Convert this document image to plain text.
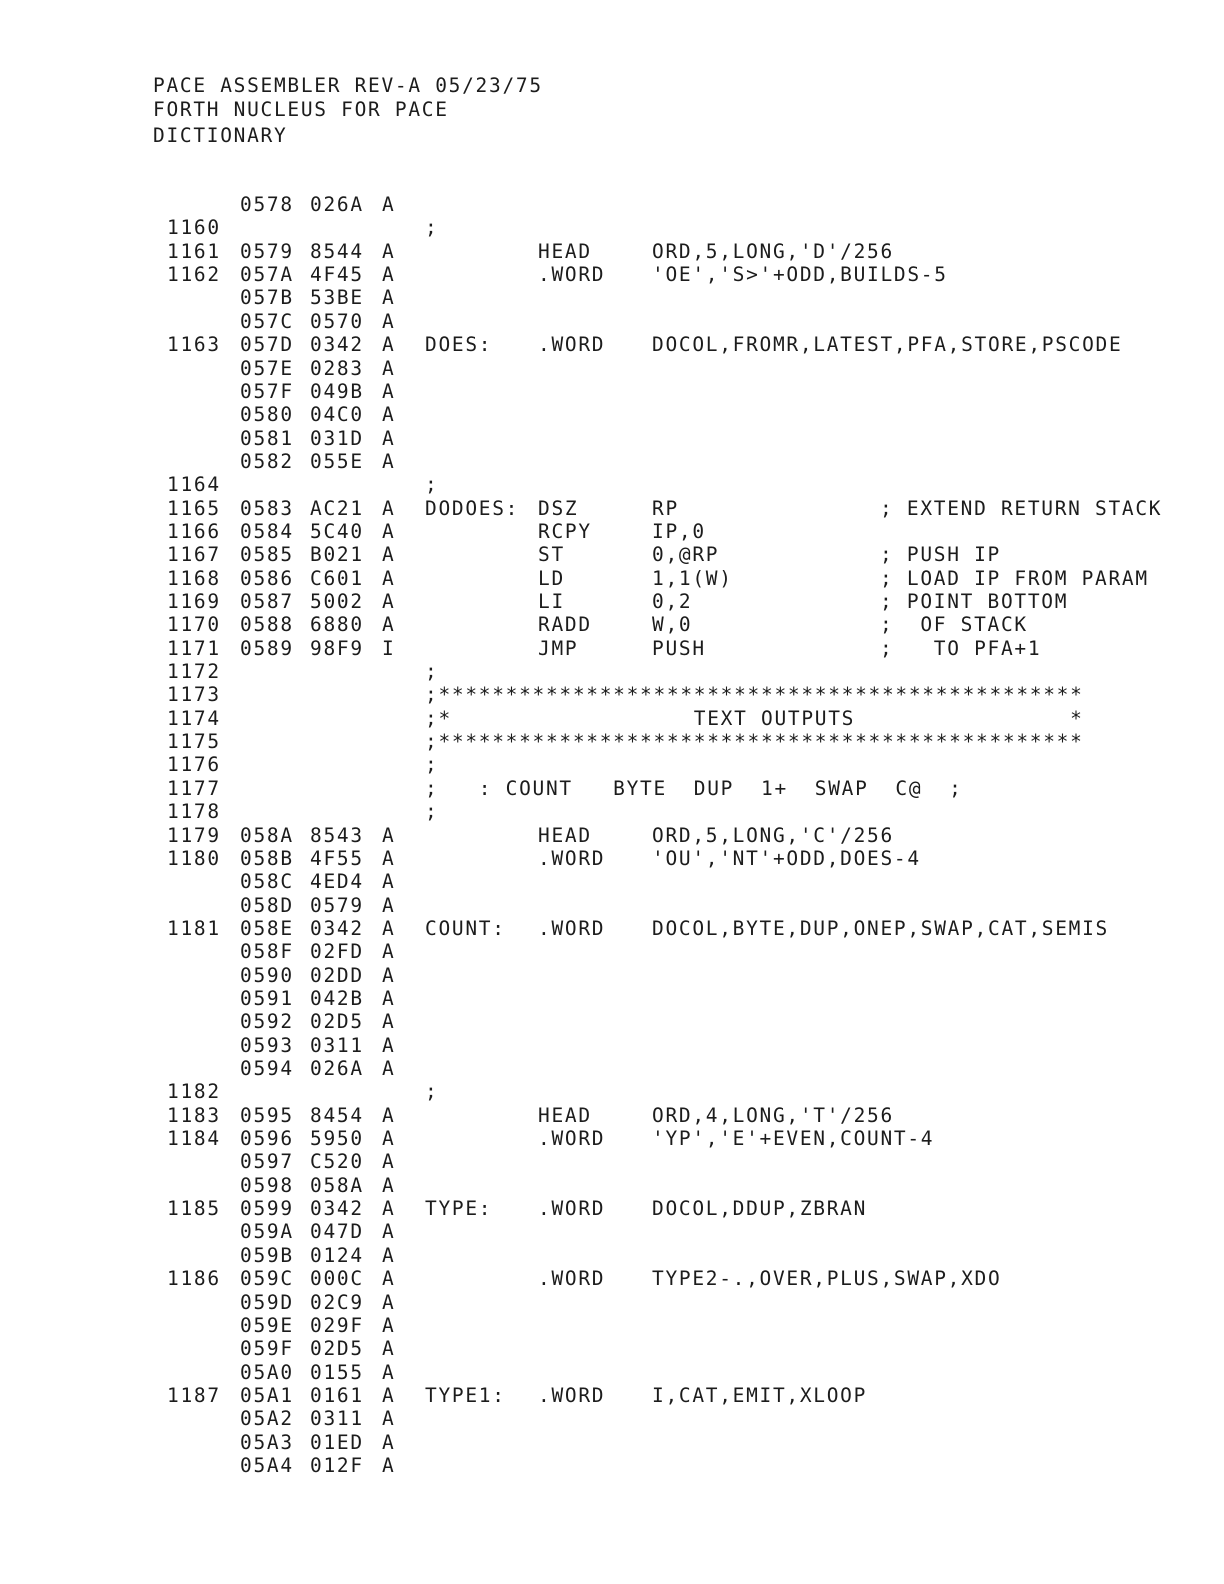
PACE ASSEMBLER REV-A 05/23/75
FORTH NUCLEUS FOR PACE
DICTIONARY
0578 026A A
1160	;
1161 0579 8544 A	HEAD	ORD,5,LONG,'D'/256
1162 057A 4F45 A	.WORD 'OE','S>'+ODD,BUILDS-5
057B 53BE A
057C 0570 A
1163 057D 0342 A DOES: .WORD DOCOL,FROMR,LATEST,PFA,STORE,PSCODE
057E 0283 A
057F 049B A
0580 04C0 A
0581 031D A
0582 055E A
1164	;
1165 0583 AC21 A DODOES: DSZ	RP	; EXTEND RETURN STACK
1166 0584 5C40 A	RCPY	IP,0
1167 0585 B021 A	ST	0,@RP	; PUSH IP
1168 0586 C601 A	LD	1,1(W)	; LOAD IP FROM PARAM
1169 0587 5002 A	LI	0,2	; POINT BOTTOM
1170 0588 6880 A	RADD	W,0	;  OF STACK
1171 0589 98F9 I	JMP	PUSH	;   TO PFA+1
1172	;
1173	;************************************************
1174	;*                  TEXT OUTPUTS                *
1175	;************************************************
1176	;
1177	;   : COUNT   BYTE  DUP  1+  SWAP  C@  ;
1178	;
1179 058A 8543 A	HEAD	ORD,5,LONG,'C'/256
1180 058B 4F55 A	.WORD 'OU','NT'+ODD,DOES-4
058C 4ED4 A
058D 0579 A
1181 058E 0342 A COUNT: .WORD DOCOL,BYTE,DUP,ONEP,SWAP,CAT,SEMIS
058F 02FD A
0590 02DD A
0591 042B A
0592 02D5 A
0593 0311 A
0594 026A A
1182	;
1183 0595 8454 A	HEAD	ORD,4,LONG,'T'/256
1184 0596 5950 A	.WORD 'YP','E'+EVEN,COUNT-4
0597 C520 A
0598 058A A
1185 0599 0342 A TYPE: .WORD DOCOL,DDUP,ZBRAN
059A 047D A
059B 0124 A
1186 059C 000C A	.WORD TYPE2-.,OVER,PLUS,SWAP,XDO
059D 02C9 A
059E 029F A
059F 02D5 A
05A0 0155 A
1187 05A1 0161 A TYPE1: .WORD I,CAT,EMIT,XLOOP
05A2 0311 A
05A3 01ED A
05A4 012F A
